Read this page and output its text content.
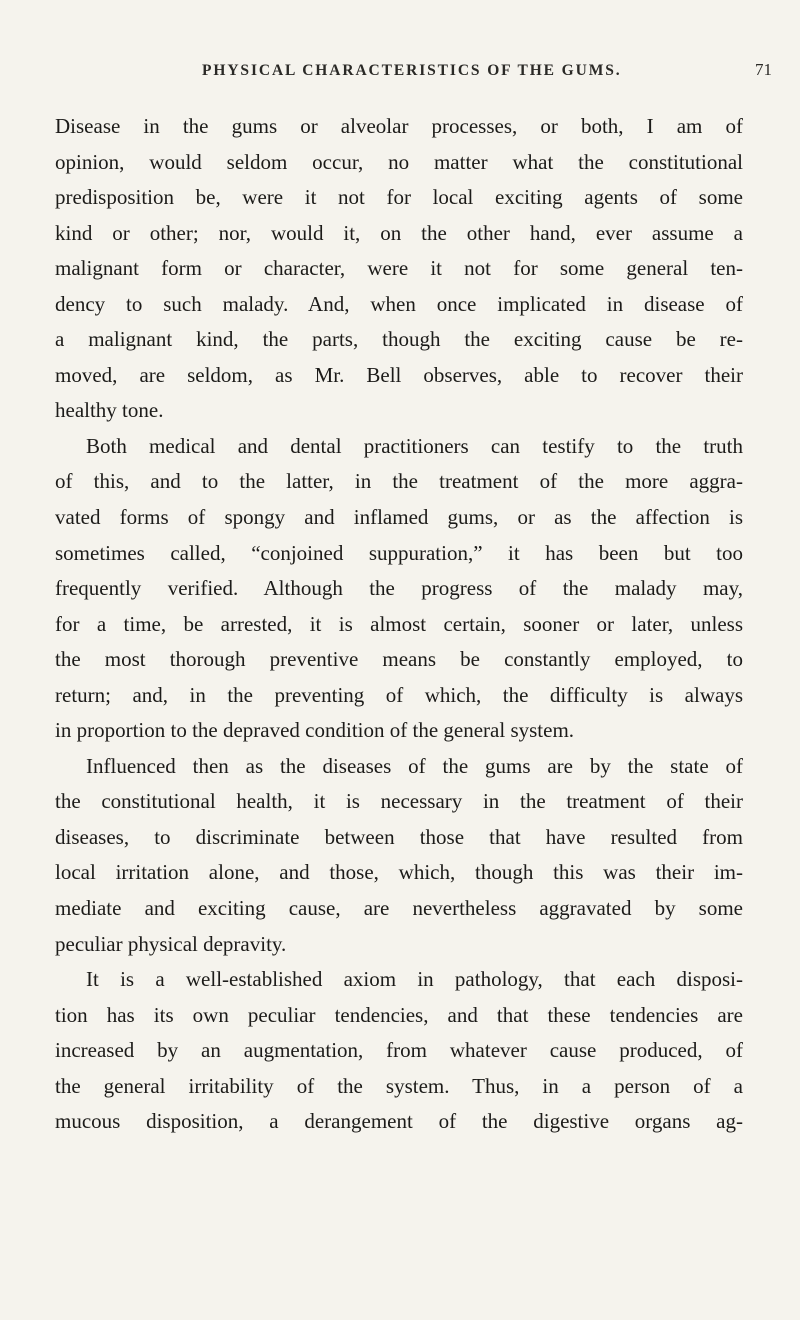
PHYSICAL CHARACTERISTICS OF THE GUMS.	71
Disease in the gums or alveolar processes, or both, I am of
opinion, would seldom occur, no matter what the constitutional
predisposition be, were it not for local exciting agents of some
kind or other; nor, would it, on the other hand, ever assume a
malignant form or character, were it not for some general ten-
dency to such malady. And, when once implicated in disease of
a malignant kind, the parts, though the exciting cause be re-
moved, are seldom, as Mr. Bell observes, able to recover their
healthy tone.
Both medical and dental practitioners can testify to the truth
of this, and to the latter, in the treatment of the more aggra-
vated forms of spongy and inflamed gums, or as the affection is
sometimes called, “conjoined suppuration,” it has been but too
frequently verified. Although the progress of the malady may,
for a time, be arrested, it is almost certain, sooner or later, unless
the most thorough preventive means be constantly employed, to
return; and, in the preventing of which, the difficulty is always
in proportion to the depraved condition of the general system.
Influenced then as the diseases of the gums are by the state of
the constitutional health, it is necessary in the treatment of their
diseases, to discriminate between those that have resulted from
local irritation alone, and those, which, though this was their im-
mediate and exciting cause, are nevertheless aggravated by some
peculiar physical depravity.
It is a well-established axiom in pathology, that each disposi-
tion has its own peculiar tendencies, and that these tendencies are
increased by an augmentation, from whatever cause produced, of
the general irritability of the system. Thus, in a person of a
mucous disposition, a derangement of the digestive organs ag-
